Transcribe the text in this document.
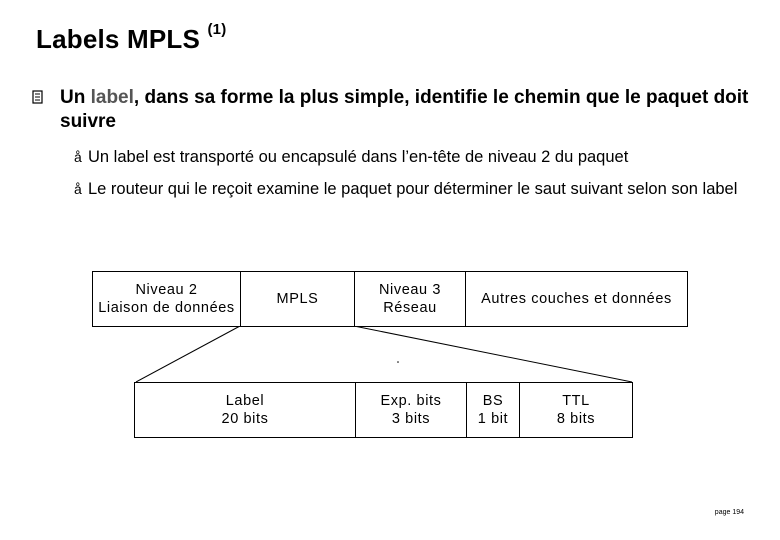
Labels MPLS $^{(1)}$
Un label, dans sa forme la plus simple, identifie le chemin que le paquet doit suivre
å Un label est transporté ou encapsulé dans l’en-tête de niveau 2 du paquet
å Le routeur qui le reçoit examine le paquet pour déterminer le saut suivant selon son label
Niveau 2
Liaison de données
MPLS
Niveau 3
Réseau
Autres couches et données
Label
20 bits
Exp. bits
3 bits
BS
1 bit
TTL
8 bits
page 194
